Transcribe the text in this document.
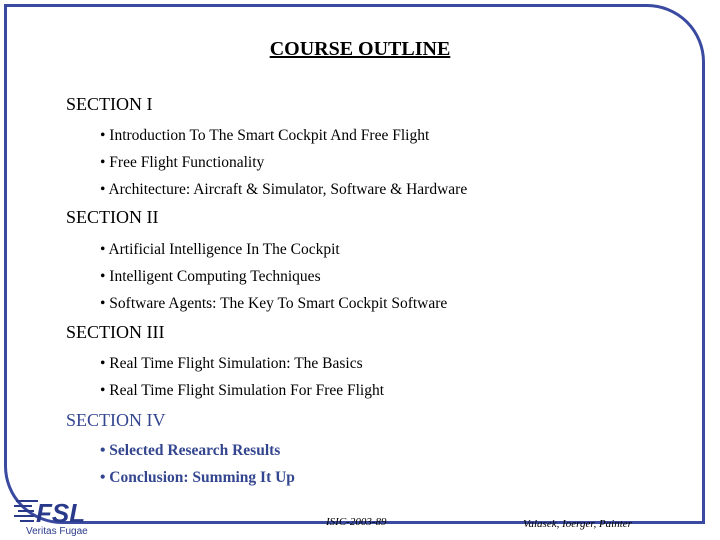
COURSE OUTLINE
SECTION I
• Introduction To The Smart Cockpit And Free Flight
• Free Flight Functionality
• Architecture: Aircraft & Simulator, Software & Hardware
SECTION II
• Artificial Intelligence In The Cockpit
• Intelligent Computing Techniques
• Software Agents: The Key To Smart Cockpit Software
SECTION III
• Real Time Flight Simulation: The Basics
• Real Time Flight Simulation For Free Flight
SECTION IV
• Selected Research Results
• Conclusion: Summing It Up
FSL
Veritas Fugae
ISIC-2003-89	Valasek, Ioerger, Painter
